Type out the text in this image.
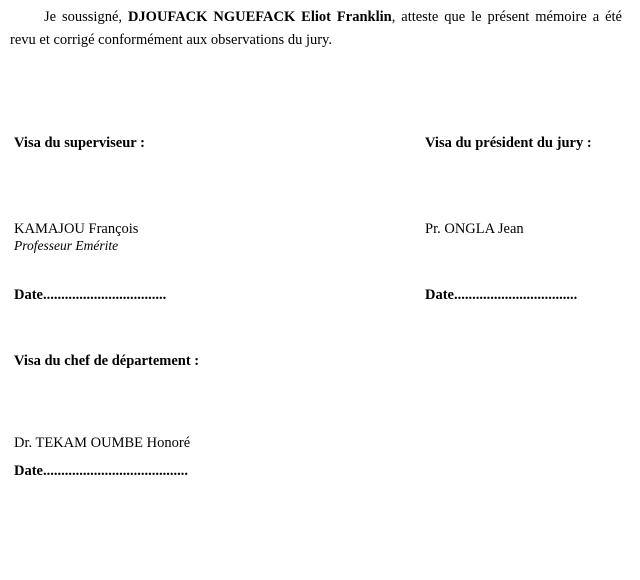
Je soussigné, DJOUFACK NGUEFACK Eliot Franklin, atteste que le présent mémoire a été revu et corrigé conformément aux observations du jury.

Visa du superviseur :	Visa du président du jury :
KAMAJOU François
Professeur Emérite
Pr. ONGLA Jean
Date..................................	Date..................................
Visa du chef de département :
Dr. TEKAM OUMBE Honoré
Date........................................
